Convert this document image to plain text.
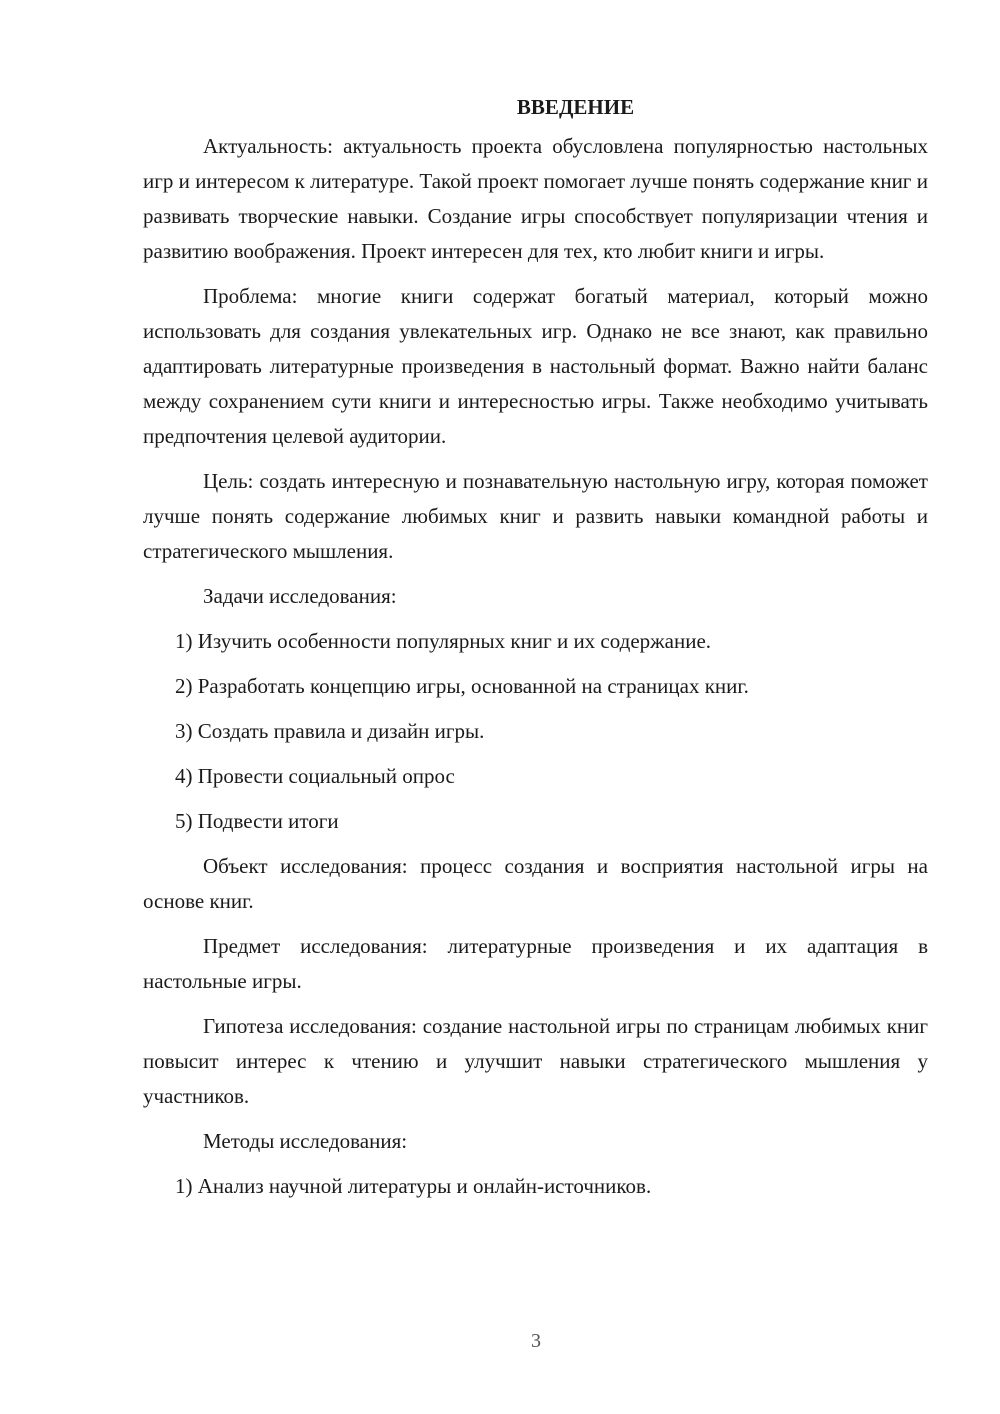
ВВЕДЕНИЕ

Актуальность: актуальность проекта обусловлена популярностью настольных игр и интересом к литературе. Такой проект помогает лучше понять содержание книг и развивать творческие навыки. Создание игры способствует популяризации чтения и развитию воображения. Проект интересен для тех, кто любит книги и игры.

Проблема: многие книги содержат богатый материал, который можно использовать для создания увлекательных игр. Однако не все знают, как правильно адаптировать литературные произведения в настольный формат. Важно найти баланс между сохранением сути книги и интересностью игры. Также необходимо учитывать предпочтения целевой аудитории.

Цель: создать интересную и познавательную настольную игру, которая поможет лучше понять содержание любимых книг и развить навыки командной работы и стратегического мышления.

Задачи исследования:

1) Изучить особенности популярных книг и их содержание.
2) Разработать концепцию игры, основанной на страницах книг.
3) Создать правила и дизайн игры.
4) Провести социальный опрос
5) Подвести итоги

Объект исследования: процесс создания и восприятия настольной игры на основе книг.

Предмет исследования: литературные произведения и их адаптация в настольные игры.

Гипотеза исследования: создание настольной игры по страницам любимых книг повысит интерес к чтению и улучшит навыки стратегического мышления у участников.

Методы исследования:

1) Анализ научной литературы и онлайн-источников.
3
